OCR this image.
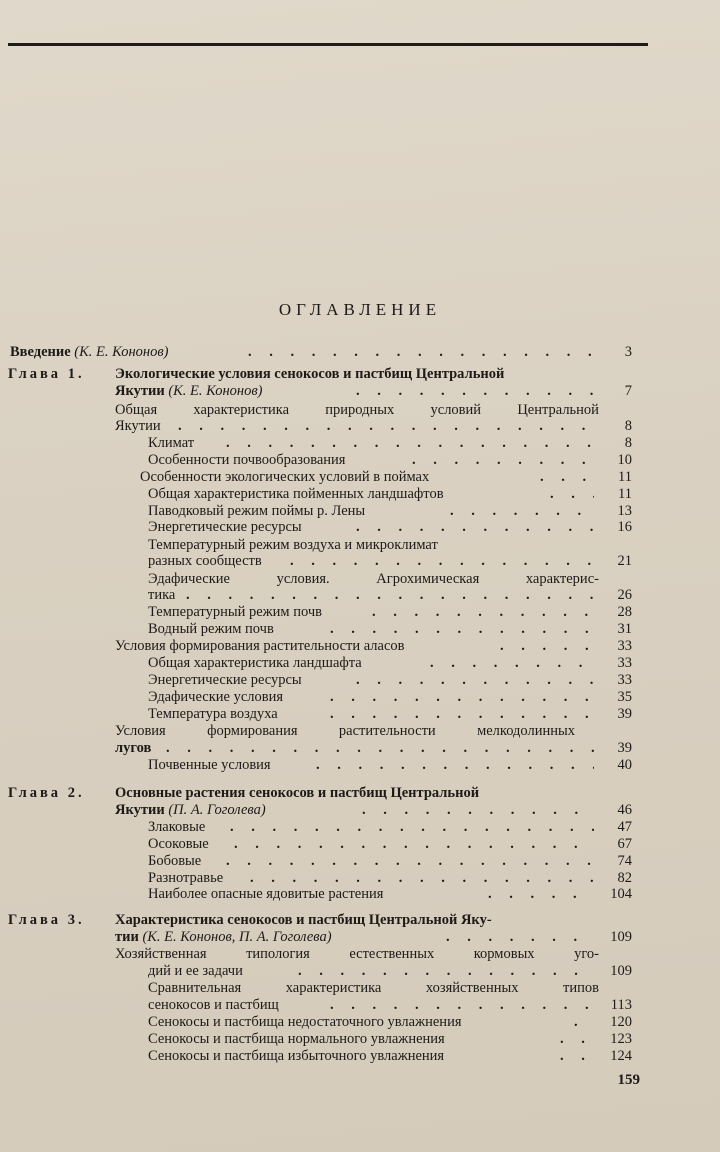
ОГЛАВЛЕНИЕ
Введение (К. Е. Кононов) . . .	3
Глава 1. Экологические условия сенокосов и пастбищ Центральной
Якутии (К. Е. Кононов) . . .	7
Общая	характеристика	природных	условий	Центральной
Якутии . . .	8
Климат . . .	8
Особенности почвообразования . . .	10
Особенности экологических условий в поймах . . .	11
Общая характеристика пойменных ландшафтов . . .	11
Паводковый режим поймы р. Лены . . .	13
Энергетические ресурсы . . .	16
Температурный режим воздуха и микроклимат
разных сообществ . . .	21
Эдафические	условия.	Агрохимическая	характерис-
тика . . .	26
Температурный режим почв . . .	28
Водный режим почв . . .	31
Условия формирования растительности аласов . . .	33
Общая характеристика ландшафта . . .	33
Энергетические ресурсы . . .	33
Эдафические условия . . .	35
Температура воздуха . . .	39
Условия	формирования	растительности	мелкодолинных
лугов . . .	39
Почвенные условия . . .	40
Глава 2. Основные растения сенокосов и пастбищ Центральной
Якутии (П. А. Гоголева) . . .	46
Злаковые . . .	47
Осоковые . . .	67
Бобовые . . .	74
Разнотравье . . .	82
Наиболее опасные ядовитые растения . . .	104
Глава 3. Характеристика сенокосов и пастбищ Центральной Яку-
тии (К. Е. Кононов, П. А. Гоголева) . . .	109
Хозяйственная	типология	естественных	кормовых	уго-
дий и ее задачи . . .	109
Сравнительная	характеристика	хозяйственных	типов
сенокосов и пастбищ . . .	113
Сенокосы и пастбища недостаточного увлажнения . . .	120
Сенокосы и пастбища нормального увлажнения . . .	123
Сенокосы и пастбища избыточного увлажнения . . .	124
159
